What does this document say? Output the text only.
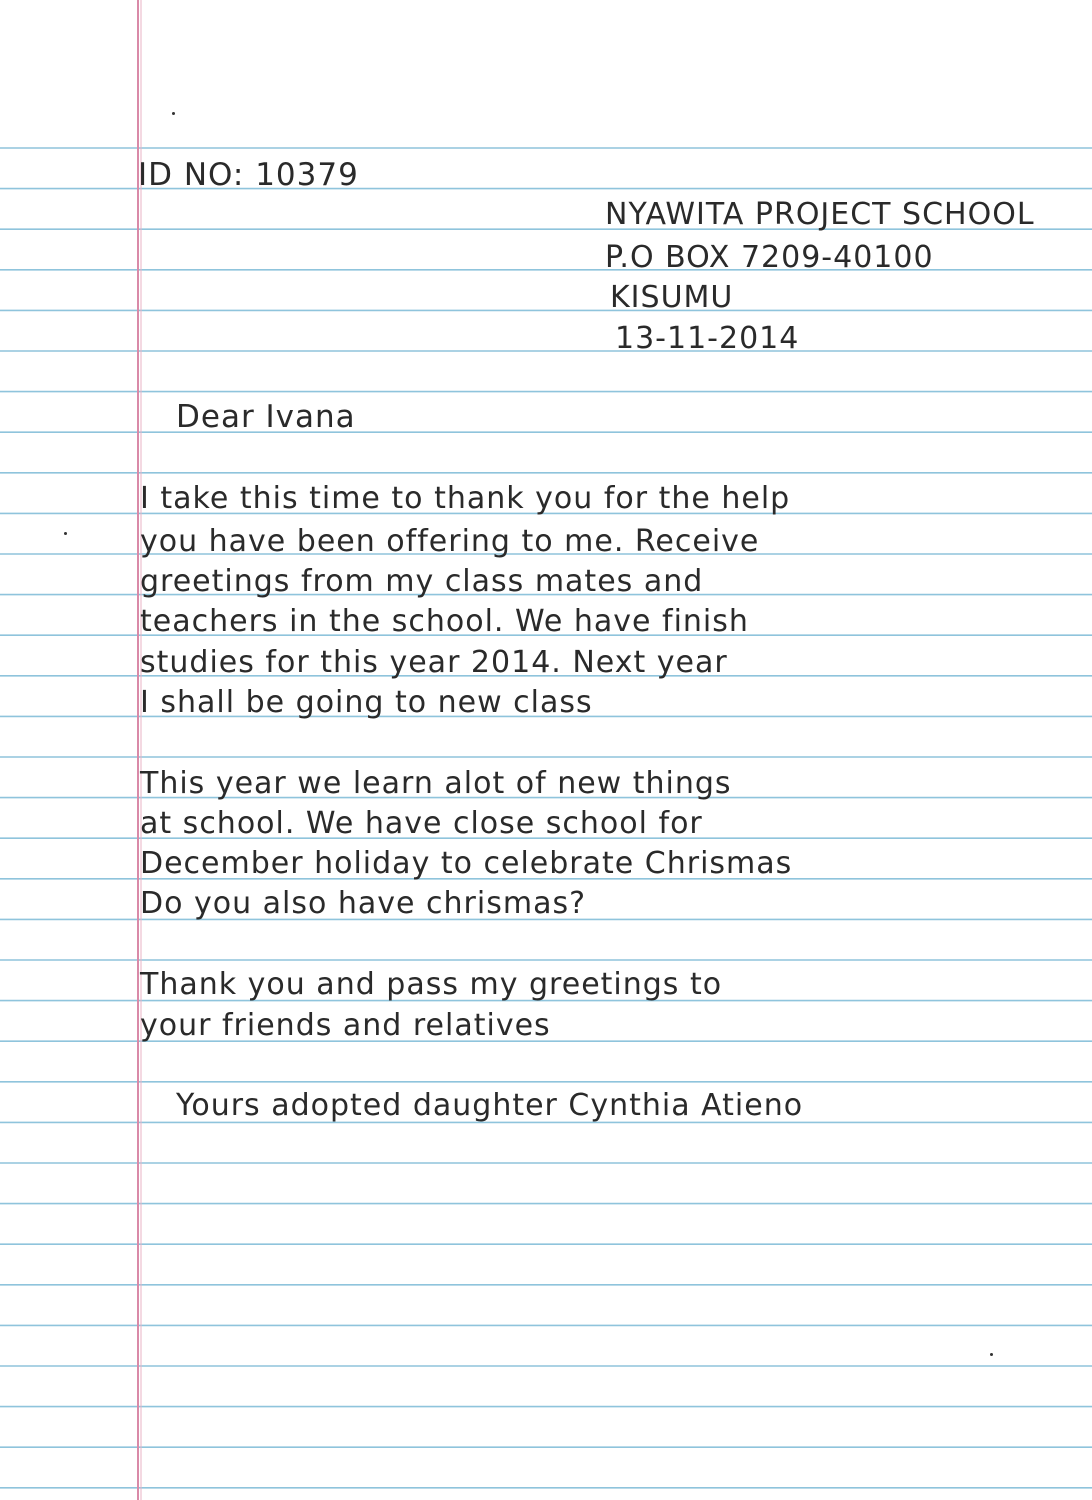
ID NO: 10379
NYAWITA PROJECT SCHOOL
P.O BOX 7209-40100
KISUMU
13-11-2014
Dear Ivana
I take this time to thank you for the help
you have been offering to me. Receive
greetings from my class mates and
teachers in the school. We have finish
studies for this year 2014. Next year
I shall be going to new class
This year we learn alot of new things
at school. We have close school for
December holiday to celebrate Chrismas
Do you also have chrismas?
Thank you and pass my greetings to
your friends and relatives
Yours adopted daughter Cynthia Atieno
